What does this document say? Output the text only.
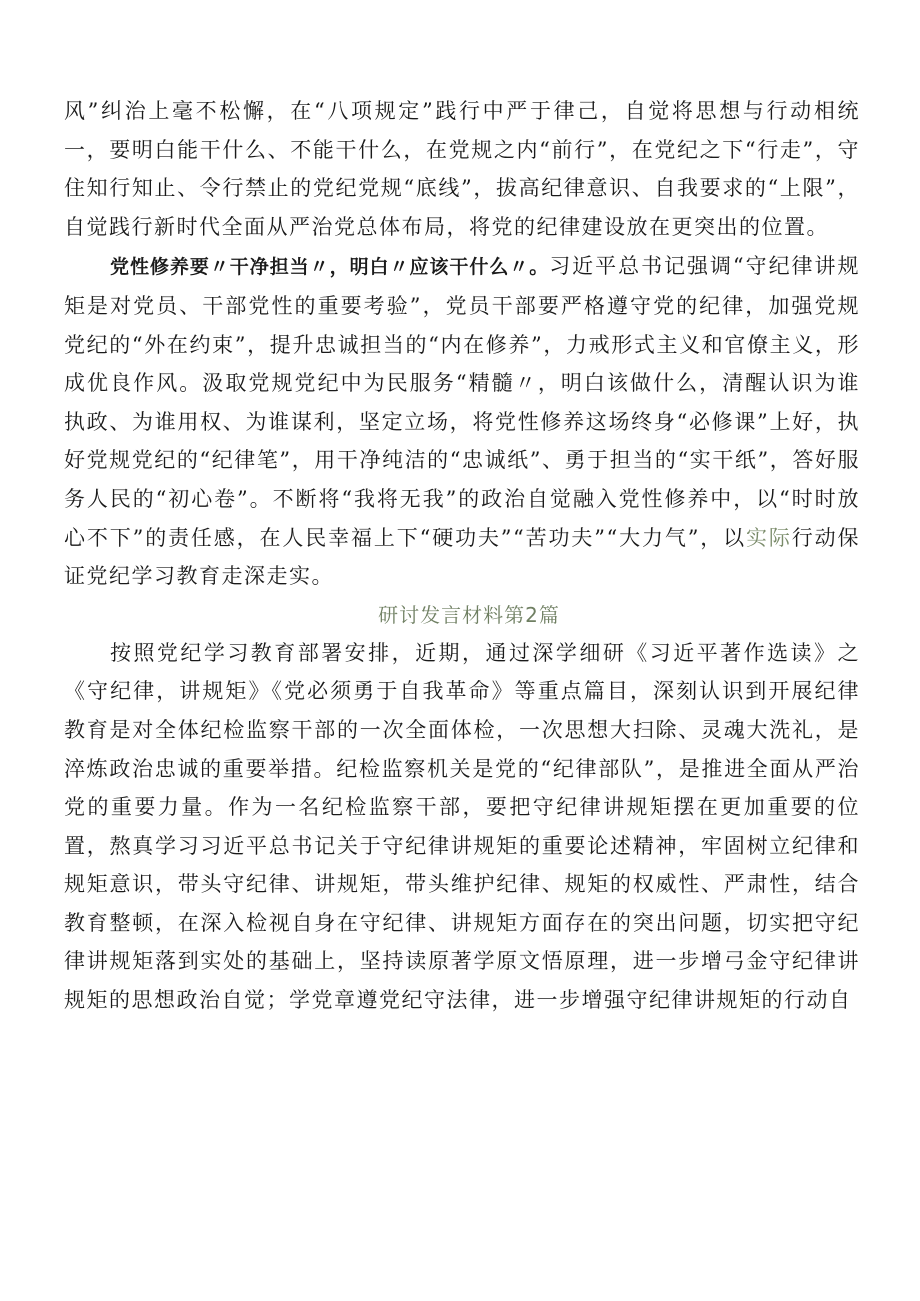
风”纠治上毫不松懈，在“八项规定”践行中严于律己，自觉将思想与行动相统一，要明白能干什么、不能干什么，在党规之内“前行”，在党纪之下“行走”，守住知行知止、令行禁止的党纪党规“底线”，拔高纪律意识、自我要求的“上限”，自觉践行新时代全面从严治党总体布局，将党的纪律建设放在更突出的位置。

党性修养要〃干净担当〃，明白〃应该干什么〃。习近平总书记强调“守纪律讲规矩是对党员、干部党性的重要考验”，党员干部要严格遵守党的纪律，加强党规党纪的“外在约束”，提升忠诚担当的“内在修养”，力戒形式主义和官僚主义，形成优良作风。汲取党规党纪中为民服务“精髓〃，明白该做什么，清醒认识为谁执政、为谁用权、为谁谋利，坚定立场，将党性修养这场终身“必修课”上好，执好党规党纪的“纪律笔”，用干净纯洁的“忠诚纸”、勇于担当的“实干纸”，答好服务人民的“初心卷”。不断将“我将无我”的政治自觉融入党性修养中，以“时时放心不下”的责任感，在人民幸福上下“硬功夫”“苦功夫”“大力气”，以实际行动保证党纪学习教育走深走实。

研讨发言材料第2篇

按照党纪学习教育部署安排，近期，通过深学细研《习近平著作选读》之《守纪律，讲规矩》《党必须勇于自我革命》等重点篇目，深刻认识到开展纪律教育是对全体纪检监察干部的一次全面体检，一次思想大扫除、灵魂大洗礼，是淬炼政治忠诚的重要举措。纪检监察机关是党的“纪律部队”，是推进全面从严治党的重要力量。作为一名纪检监察干部，要把守纪律讲规矩摆在更加重要的位置，熬真学习习近平总书记关于守纪律讲规矩的重要论述精神，牢固树立纪律和规矩意识，带头守纪律、讲规矩，带头维护纪律、规矩的权威性、严肃性，结合教育整顿，在深入检视自身在守纪律、讲规矩方面存在的突出问题，切实把守纪律讲规矩落到实处的基础上，坚持读原著学原文悟原理，进一步增弓金守纪律讲规矩的思想政治自觉；学党章遵党纪守法律，进一步增强守纪律讲规矩的行动自
